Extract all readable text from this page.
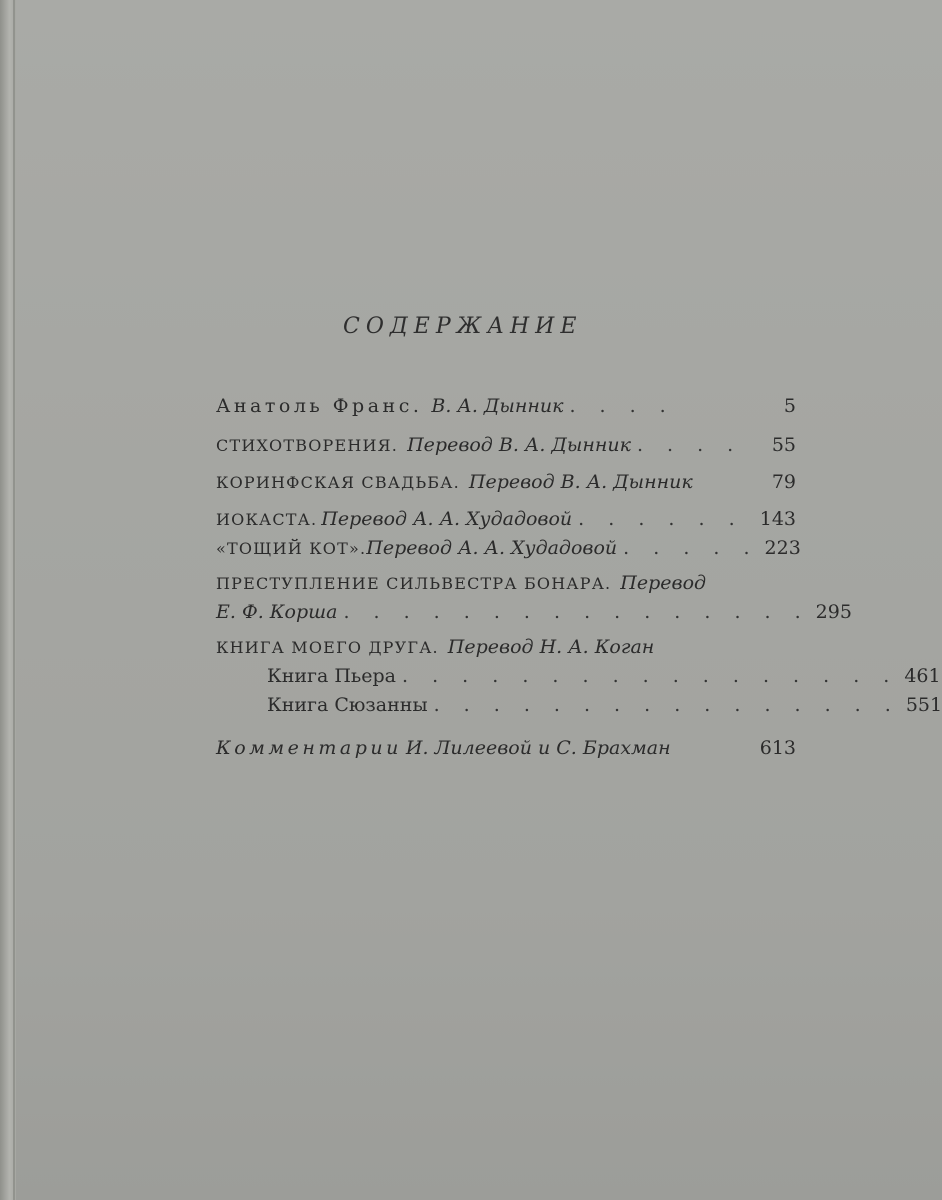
СОДЕРЖАНИЕ
Анатоль Франс. В. А. Дынник . . . .	5
СТИХОТВОРЕНИЯ. Перевод В. А. Дынник . . . .	55
КОРИНФСКАЯ СВАДЬБА. Перевод В. А. Дынник	79
ИОКАСТА. Перевод А. А. Худадовой . . . . . . 143
«ТОЩИЙ КОТ». Перевод А. А. Худадовой . . . . . 223
ПРЕСТУПЛЕНИЕ СИЛЬВЕСТРА БОНАРА. Перевод
Е. Ф. Корша . . . . . . . . . . . . . . . . 295
КНИГА МОЕГО ДРУГА. Перевод Н. А. Коган
Книга Пьера . . . . . . . . . . . . . . . . . 461
Книга Сюзанны . . . . . . . . . . . . . . . . 551
Комментарии И. Лилеевой и С. Брахман	613
